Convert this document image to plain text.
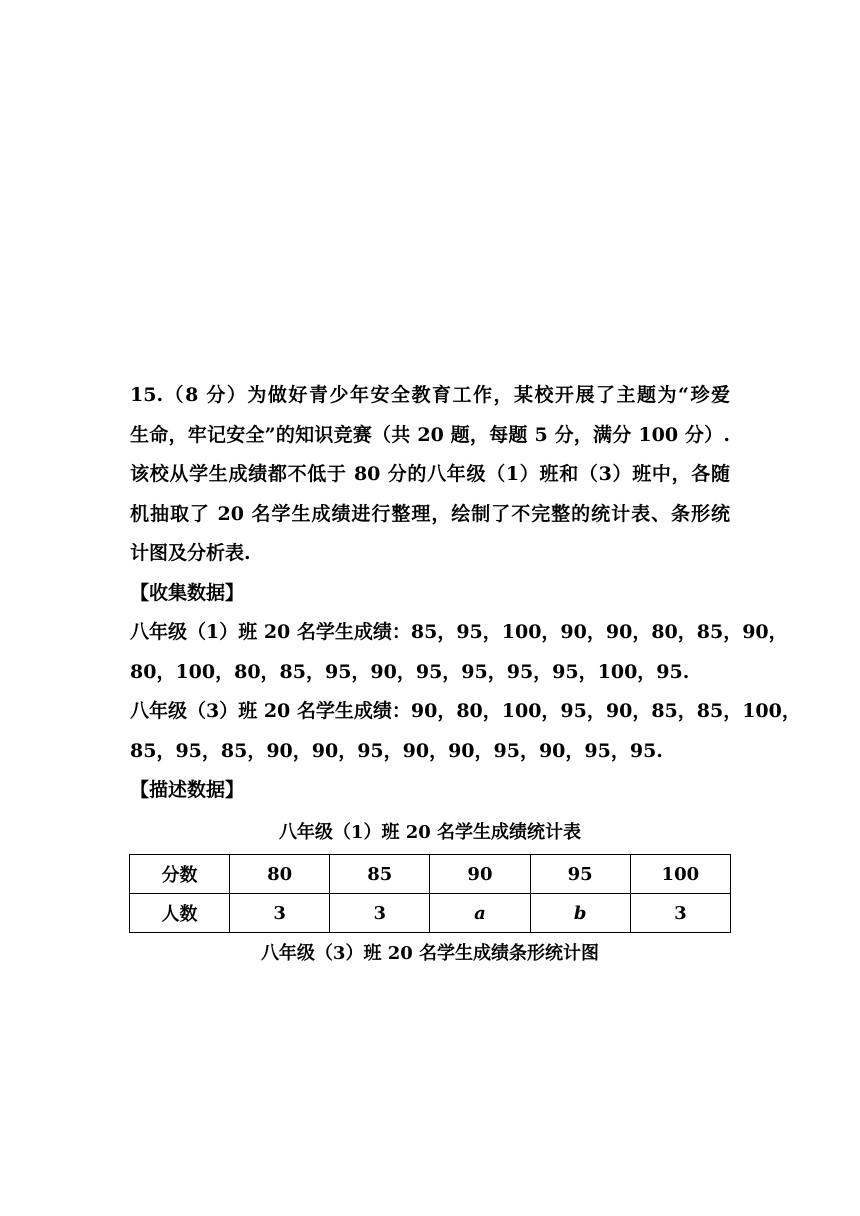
15.（8 分）为做好青少年安全教育工作，某校开展了主题为“珍爱
生命，牢记安全”的知识竞赛（共 20 题，每题 5 分，满分 100 分）.
该校从学生成绩都不低于 80 分的八年级（1）班和（3）班中，各随
机抽取了 20 名学生成绩进行整理，绘制了不完整的统计表、条形统
计图及分析表.
【收集数据】
八年级（1）班 20 名学生成绩：85，95，100，90，90，80，85，90，
80，100，80，85，95，90，95，95，95，95，100，95.
八年级（3）班 20 名学生成绩：90，80，100，95，90，85，85，100，
85，95，85，90，90，95，90，90，95，90，95，95.
【描述数据】
八年级（1）班 20 名学生成绩统计表
分数	80	85	90	95	100
人数	3	3	a	b	3
八年级（3）班 20 名学生成绩条形统计图
